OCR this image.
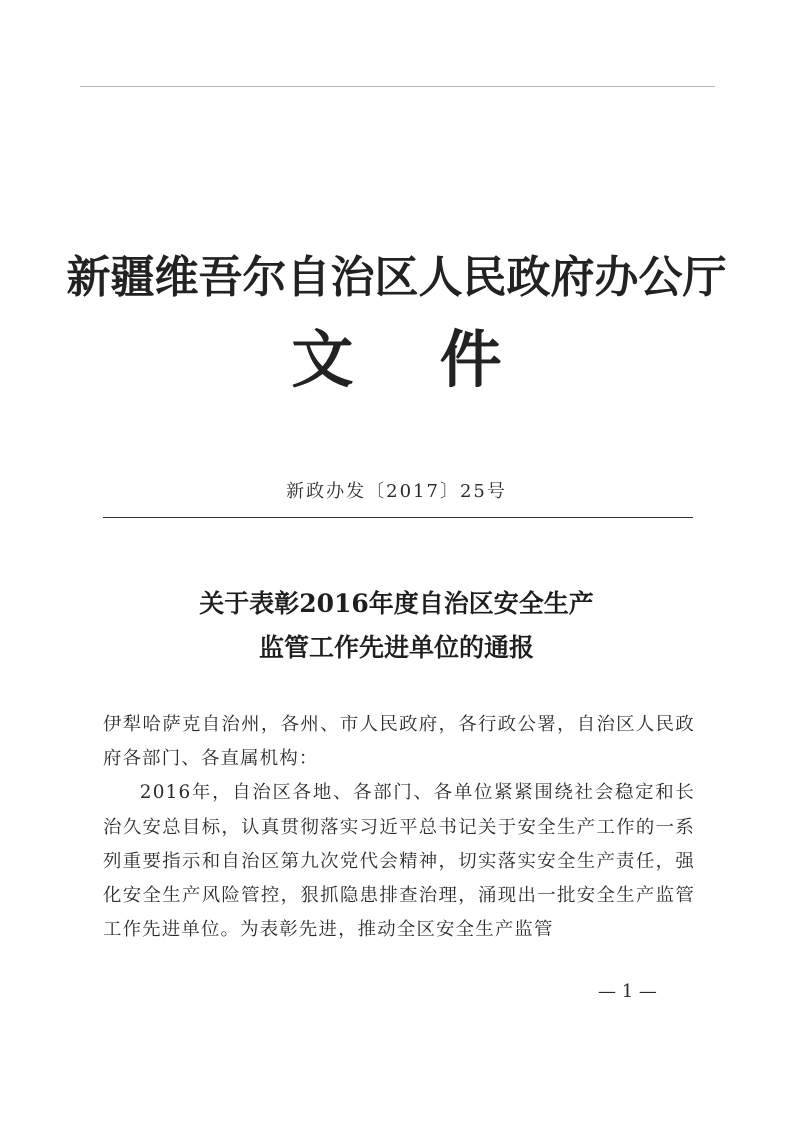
新疆维吾尔自治区人民政府办公厅
文    件
新政办发〔2017〕25号
关于表彰2016年度自治区安全生产
监管工作先进单位的通报

伊犁哈萨克自治州，各州、市人民政府，各行政公署，自治区人民政府各部门、各直属机构：

2016年，自治区各地、各部门、各单位紧紧围绕社会稳定和长治久安总目标，认真贯彻落实习近平总书记关于安全生产工作的一系列重要指示和自治区第九次党代会精神，切实落实安全生产责任，强化安全生产风险管控，狠抓隐患排查治理，涌现出一批安全生产监管工作先进单位。为表彰先进，推动全区安全生产监管

— 1 —
